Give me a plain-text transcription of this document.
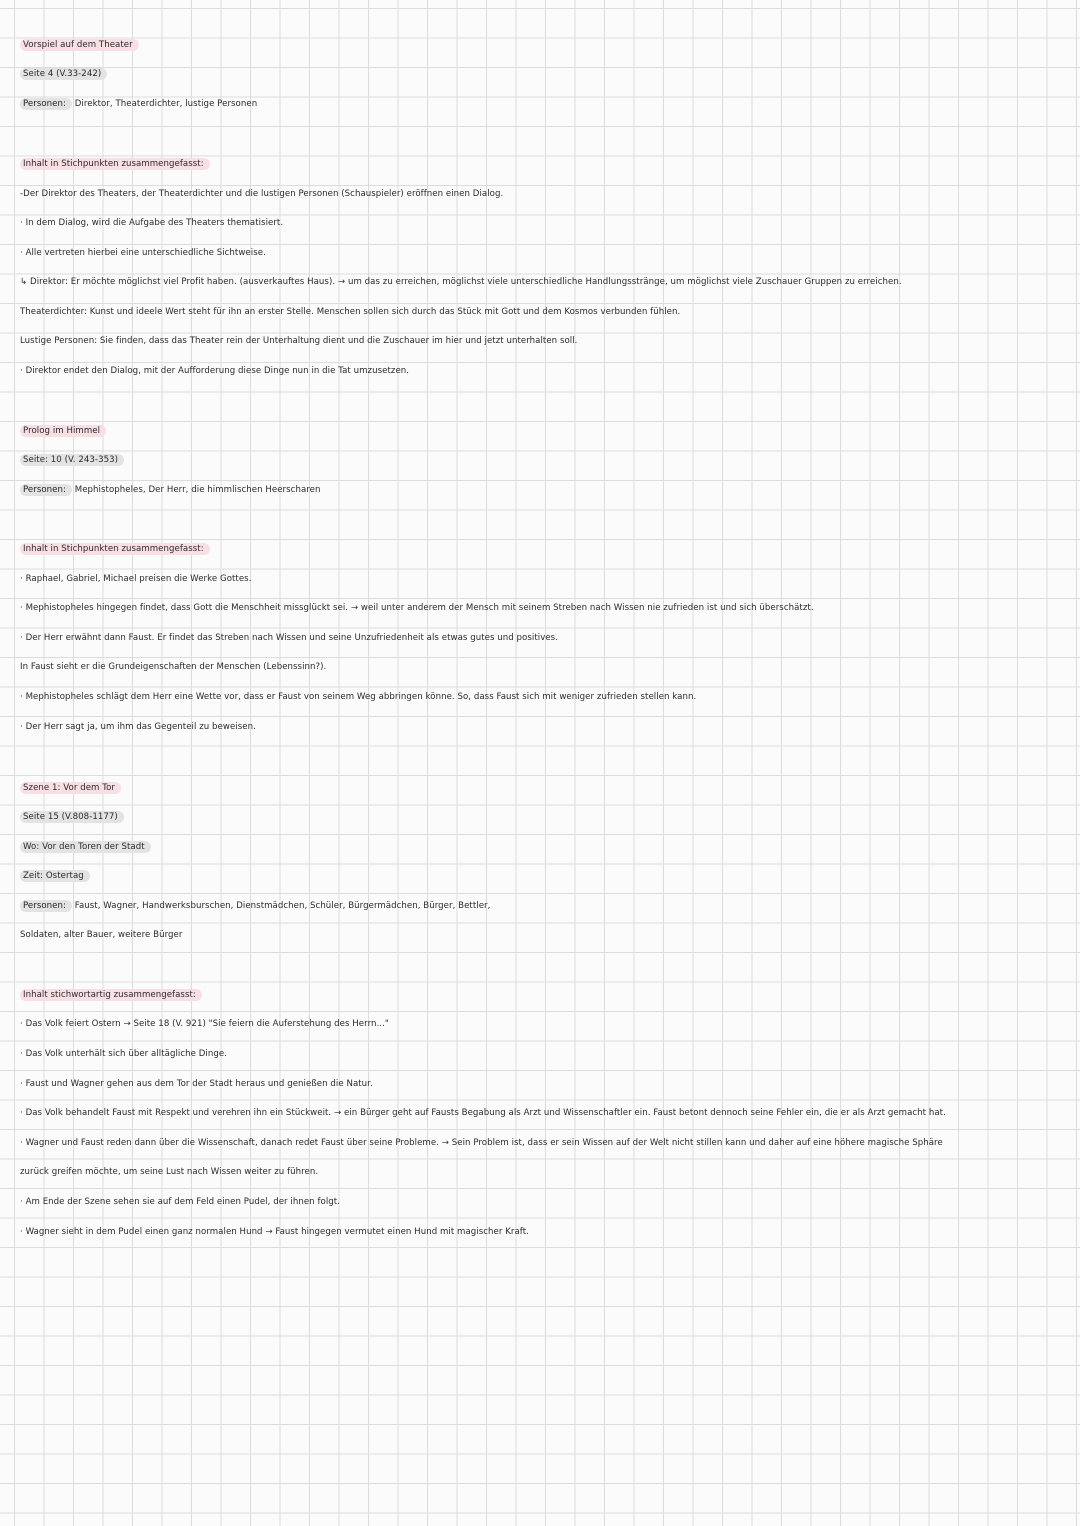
Vorspiel auf dem Theater
Seite 4 (V.33-242)
Personen: Direktor, Theaterdichter, lustige Personen
Inhalt in Stichpunkten zusammengefasst:
-Der Direktor des Theaters, der Theaterdichter und die lustigen Personen (Schauspieler) eröffnen einen Dialog.
· In dem Dialog, wird die Aufgabe des Theaters thematisiert.
· Alle vertreten hierbei eine unterschiedliche Sichtweise.
↳ Direktor: Er möchte möglichst viel Profit haben. (ausverkauftes Haus). → um das zu erreichen, möglichst viele unterschiedliche Handlungsstränge, um möglichst viele Zuschauer Gruppen zu erreichen.
Theaterdichter: Kunst und ideele Wert steht für ihn an erster Stelle. Menschen sollen sich durch das Stück mit Gott und dem Kosmos verbunden fühlen.
Lustige Personen: Sie finden, dass das Theater rein der Unterhaltung dient und die Zuschauer im hier und jetzt unterhalten soll.
· Direktor endet den Dialog, mit der Aufforderung diese Dinge nun in die Tat umzusetzen.
Prolog im Himmel
Seite: 10 (V. 243-353)
Personen: Mephistopheles, Der Herr, die himmlischen Heerscharen
Inhalt in Stichpunkten zusammengefasst:
· Raphael, Gabriel, Michael preisen die Werke Gottes.
· Mephistopheles hingegen findet, dass Gott die Menschheit missglückt sei. → weil unter anderem der Mensch mit seinem Streben nach Wissen nie zufrieden ist und sich überschätzt.
· Der Herr erwähnt dann Faust. Er findet das Streben nach Wissen und seine Unzufriedenheit als etwas gutes und positives.
In Faust sieht er die Grundeigenschaften der Menschen (Lebenssinn?).
· Mephistopheles schlägt dem Herr eine Wette vor, dass er Faust von seinem Weg abbringen könne. So, dass Faust sich mit weniger zufrieden stellen kann.
· Der Herr sagt ja, um ihm das Gegenteil zu beweisen.
Szene 1: Vor dem Tor
Seite 15 (V.808-1177)
Wo: Vor den Toren der Stadt
Zeit: Ostertag
Personen: Faust, Wagner, Handwerksburschen, Dienstmädchen, Schüler, Bürgermädchen, Bürger, Bettler,
Soldaten, alter Bauer, weitere Bürger
Inhalt stichwortartig zusammengefasst:
· Das Volk feiert Ostern → Seite 18 (V. 921) "Sie feiern die Auferstehung des Herrn..."
· Das Volk unterhält sich über alltägliche Dinge.
· Faust und Wagner gehen aus dem Tor der Stadt heraus und genießen die Natur.
· Das Volk behandelt Faust mit Respekt und verehren ihn ein Stückweit. → ein Bürger geht auf Fausts Begabung als Arzt und Wissenschaftler ein. Faust betont dennoch seine Fehler ein, die er als Arzt gemacht hat.
· Wagner und Faust reden dann über die Wissenschaft, danach redet Faust über seine Probleme. → Sein Problem ist, dass er sein Wissen auf der Welt nicht stillen kann und daher auf eine höhere magische Sphäre
zurück greifen möchte, um seine Lust nach Wissen weiter zu führen.
· Am Ende der Szene sehen sie auf dem Feld einen Pudel, der ihnen folgt.
· Wagner sieht in dem Pudel einen ganz normalen Hund → Faust hingegen vermutet einen Hund mit magischer Kraft.
